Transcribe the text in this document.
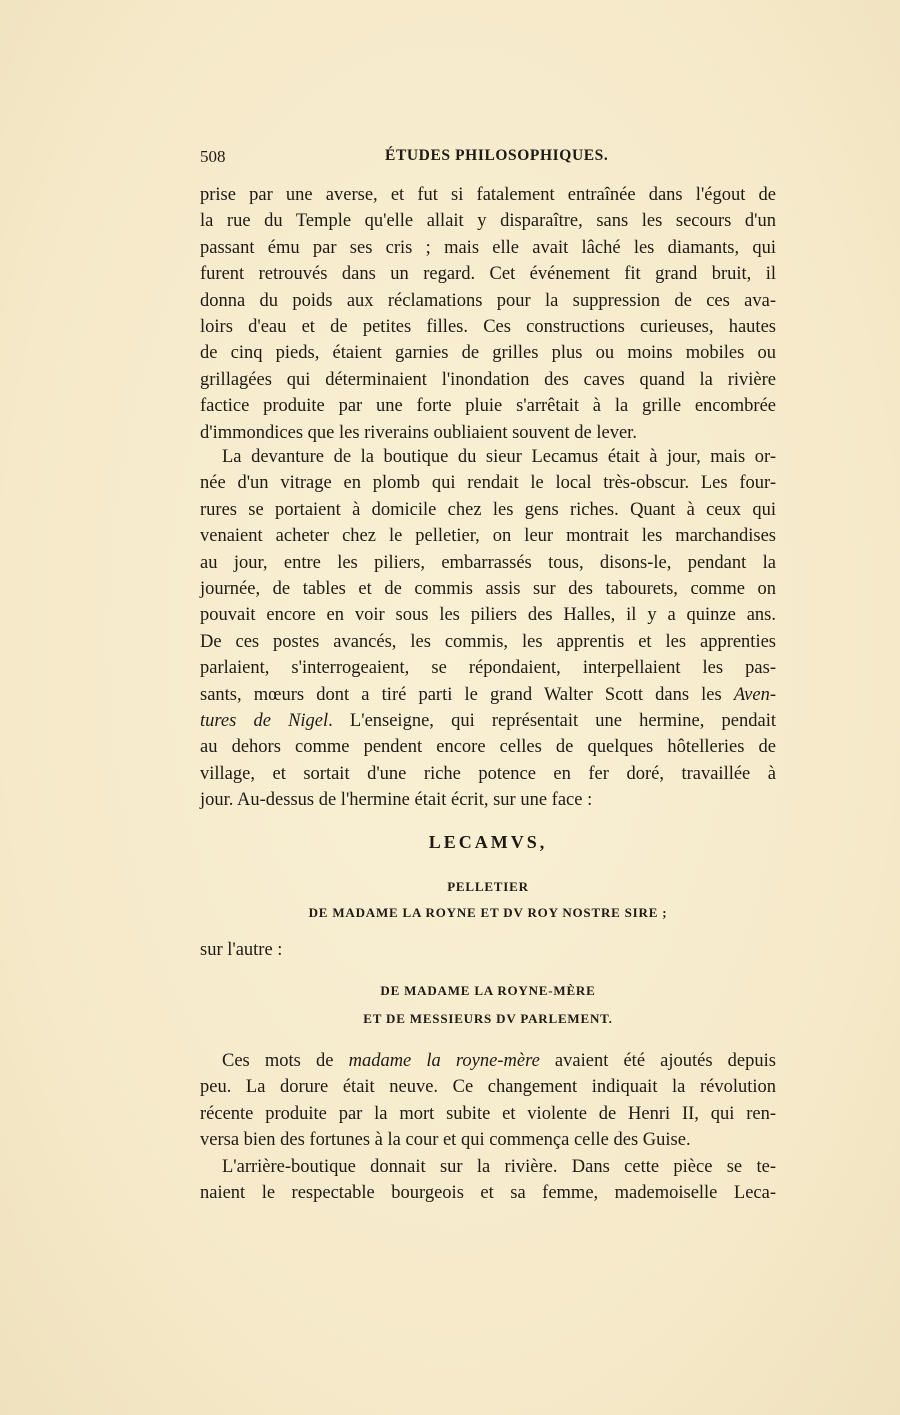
508	ÉTUDES PHILOSOPHIQUES.
prise par une averse, et fut si fatalement entraînée dans l'égout de
la rue du Temple qu'elle allait y disparaître, sans les secours d'un
passant ému par ses cris ; mais elle avait lâché les diamants, qui
furent retrouvés dans un regard. Cet événement fit grand bruit, il
donna du poids aux réclamations pour la suppression de ces ava-
loirs d'eau et de petites filles. Ces constructions curieuses, hautes
de cinq pieds, étaient garnies de grilles plus ou moins mobiles ou
grillagées qui déterminaient l'inondation des caves quand la rivière
factice produite par une forte pluie s'arrêtait à la grille encombrée
d'immondices que les riverains oubliaient souvent de lever.
La devanture de la boutique du sieur Lecamus était à jour, mais or-
née d'un vitrage en plomb qui rendait le local très-obscur. Les four-
rures se portaient à domicile chez les gens riches. Quant à ceux qui
venaient acheter chez le pelletier, on leur montrait les marchandises
au jour, entre les piliers, embarrassés tous, disons-le, pendant la
journée, de tables et de commis assis sur des tabourets, comme on
pouvait encore en voir sous les piliers des Halles, il y a quinze ans.
De ces postes avancés, les commis, les apprentis et les apprenties
parlaient, s'interrogeaient, se répondaient, interpellaient les pas-
sants, mœurs dont a tiré parti le grand Walter Scott dans les Aven-
tures de Nigel. L'enseigne, qui représentait une hermine, pendait
au dehors comme pendent encore celles de quelques hôtelleries de
village, et sortait d'une riche potence en fer doré, travaillée à
jour. Au-dessus de l'hermine était écrit, sur une face :
LECAMVS,
PELLETIER
DE MADAME LA ROYNE ET DV ROY NOSTRE SIRE ;
sur l'autre :
DE MADAME LA ROYNE-MÈRE
ET DE MESSIEURS DV PARLEMENT.
Ces mots de madame la royne-mère avaient été ajoutés depuis
peu. La dorure était neuve. Ce changement indiquait la révolution
récente produite par la mort subite et violente de Henri II, qui ren-
versa bien des fortunes à la cour et qui commença celle des Guise.
L'arrière-boutique donnait sur la rivière. Dans cette pièce se te-
naient le respectable bourgeois et sa femme, mademoiselle Leca-
